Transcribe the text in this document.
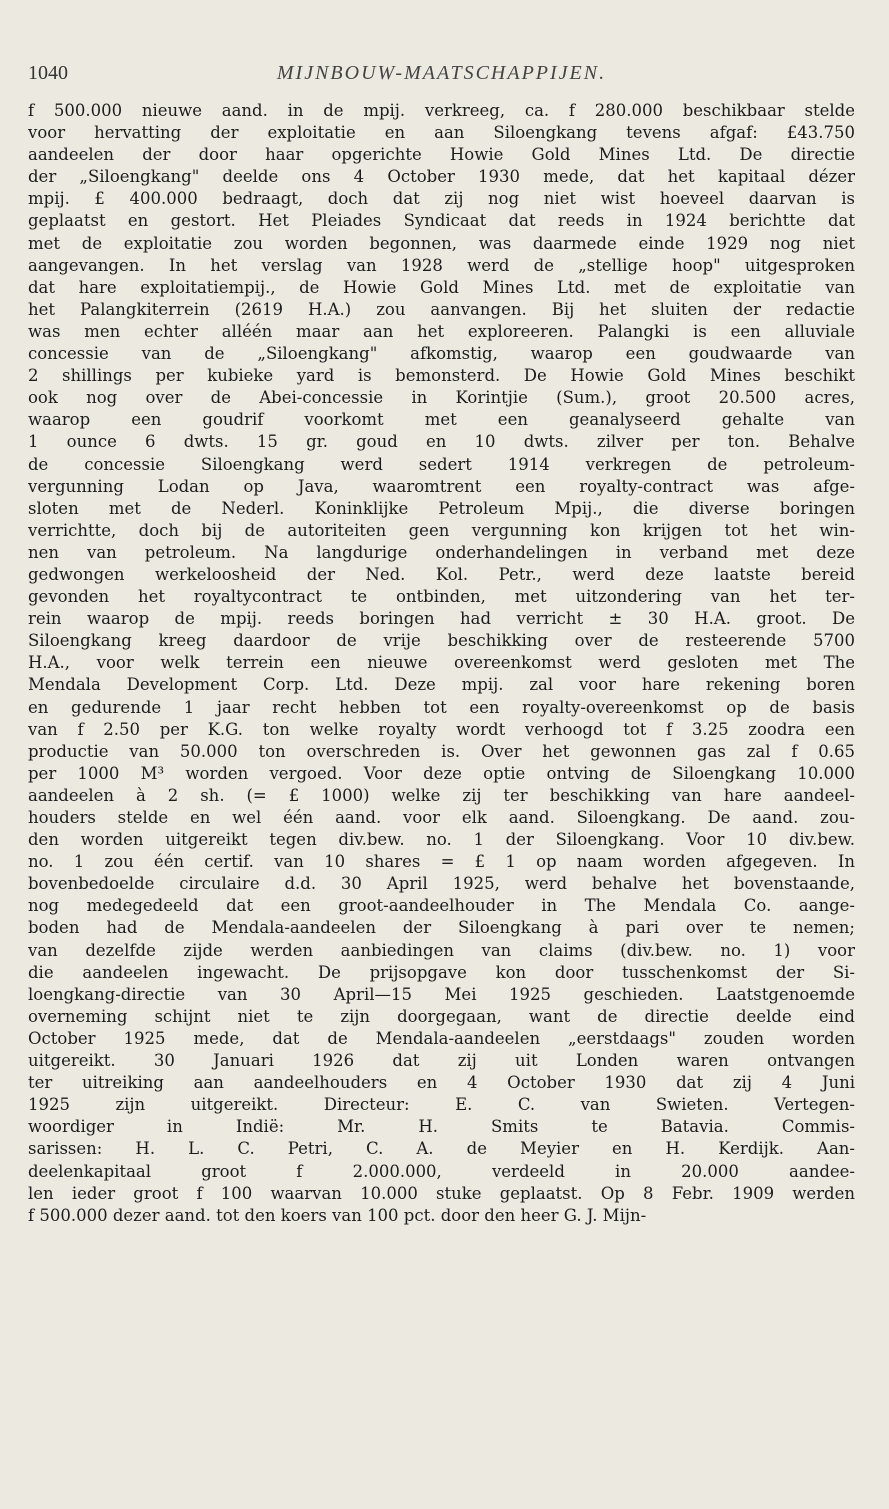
1040	MIJNBOUW-MAATSCHAPPIJEN.
f 500.000 nieuwe aand. in de mpij. verkreeg, ca. f 280.000 beschikbaar stelde
voor hervatting der exploitatie en aan Siloengkang tevens afgaf: £43.750
aandeelen der door haar opgerichte Howie Gold Mines Ltd. De directie
der „Siloengkang" deelde ons 4 October 1930 mede, dat het kapitaal dézer
mpij. £ 400.000 bedraagt, doch dat zij nog niet wist hoeveel daarvan is
geplaatst en gestort. Het Pleiades Syndicaat dat reeds in 1924 berichtte dat
met de exploitatie zou worden begonnen, was daarmede einde 1929 nog niet
aangevangen. In het verslag van 1928 werd de „stellige hoop" uitgesproken
dat hare exploitatiempij., de Howie Gold Mines Ltd. met de exploitatie van
het Palangkiterrein (2619 H.A.) zou aanvangen. Bij het sluiten der redactie
was men echter alléén maar aan het exploreeren. Palangki is een alluviale
concessie van de „Siloengkang" afkomstig, waarop een goudwaarde van
2 shillings per kubieke yard is bemonsterd. De Howie Gold Mines beschikt
ook nog over de Abei-concessie in Korintjie (Sum.), groot 20.500 acres,
waarop een goudrif voorkomt met een geanalyseerd gehalte van
1 ounce 6 dwts. 15 gr. goud en 10 dwts. zilver per ton. Behalve
de concessie Siloengkang werd sedert 1914 verkregen de petroleum-
vergunning Lodan op Java, waaromtrent een royalty-contract was afge-
sloten met de Nederl. Koninklijke Petroleum Mpij., die diverse boringen
verrichtte, doch bij de autoriteiten geen vergunning kon krijgen tot het win-
nen van petroleum. Na langdurige onderhandelingen in verband met deze
gedwongen werkeloosheid der Ned. Kol. Petr., werd deze laatste bereid
gevonden het royaltycontract te ontbinden, met uitzondering van het ter-
rein waarop de mpij. reeds boringen had verricht ± 30 H.A. groot. De
Siloengkang kreeg daardoor de vrije beschikking over de resteerende 5700
H.A., voor welk terrein een nieuwe overeenkomst werd gesloten met The
Mendala Development Corp. Ltd. Deze mpij. zal voor hare rekening boren
en gedurende 1 jaar recht hebben tot een royalty-overeenkomst op de basis
van f 2.50 per K.G. ton welke royalty wordt verhoogd tot f 3.25 zoodra een
productie van 50.000 ton overschreden is. Over het gewonnen gas zal f 0.65
per 1000 M³ worden vergoed. Voor deze optie ontving de Siloengkang 10.000
aandeelen à 2 sh. (= £ 1000) welke zij ter beschikking van hare aandeel-
houders stelde en wel één aand. voor elk aand. Siloengkang. De aand. zou-
den worden uitgereikt tegen div.bew. no. 1 der Siloengkang. Voor 10 div.bew.
no. 1 zou één certif. van 10 shares = £ 1 op naam worden afgegeven. In
bovenbedoelde circulaire d.d. 30 April 1925, werd behalve het bovenstaande,
nog medegedeeld dat een groot-aandeelhouder in The Mendala Co. aange-
boden had de Mendala-aandeelen der Siloengkang à pari over te nemen;
van dezelfde zijde werden aanbiedingen van claims (div.bew. no. 1) voor
die aandeelen ingewacht. De prijsopgave kon door tusschenkomst der Si-
loengkang-directie van 30 April—15 Mei 1925 geschieden. Laatstgenoemde
overneming schijnt niet te zijn doorgegaan, want de directie deelde eind
October 1925 mede, dat de Mendala-aandeelen „eerstdaags" zouden worden
uitgereikt. 30 Januari 1926 dat zij uit Londen waren ontvangen
ter uitreiking aan aandeelhouders en 4 October 1930 dat zij 4 Juni
1925 zijn uitgereikt. Directeur: E. C. van Swieten. Vertegen-
woordiger in Indië: Mr. H. Smits te Batavia. Commis-
sarissen: H. L. C. Petri, C. A. de Meyier en H. Kerdijk. Aan-
deelenkapitaal groot f 2.000.000, verdeeld in 20.000 aandee-
len ieder groot f 100 waarvan 10.000 stuke geplaatst. Op 8 Febr. 1909 werden
f 500.000 dezer aand. tot den koers van 100 pct. door den heer G. J. Mijn-
